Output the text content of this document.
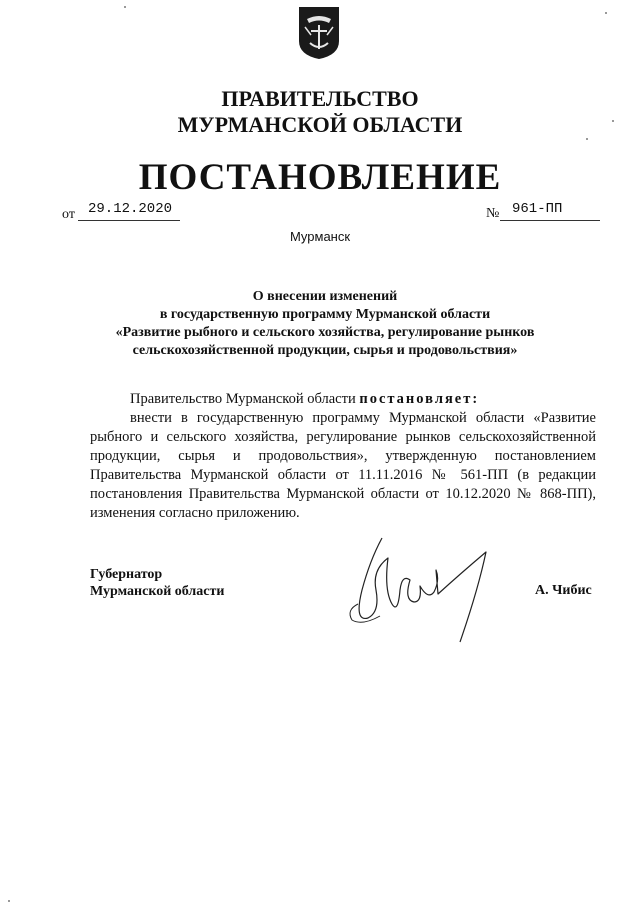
ПРАВИТЕЛЬСТВО
МУРМАНСКОЙ ОБЛАСТИ
ПОСТАНОВЛЕНИЕ
от 29.12.2020	№ 961-ПП
Мурманск
О внесении изменений
в государственную программу Мурманской области
«Развитие рыбного и сельского хозяйства, регулирование рынков
сельскохозяйственной продукции, сырья и продовольствия»

Правительство Мурманской области постановляет:

внести в государственную программу Мурманской области «Развитие рыбного и сельского хозяйства, регулирование рынков сельскохозяйственной продукции, сырья и продовольствия», утвержденную постановлением Правительства Мурманской области от 11.11.2016 № 561-ПП (в редакции постановления Правительства Мурманской области от 10.12.2020 № 868-ПП), изменения согласно приложению.

Губернатор
Мурманской области	А. Чибис
